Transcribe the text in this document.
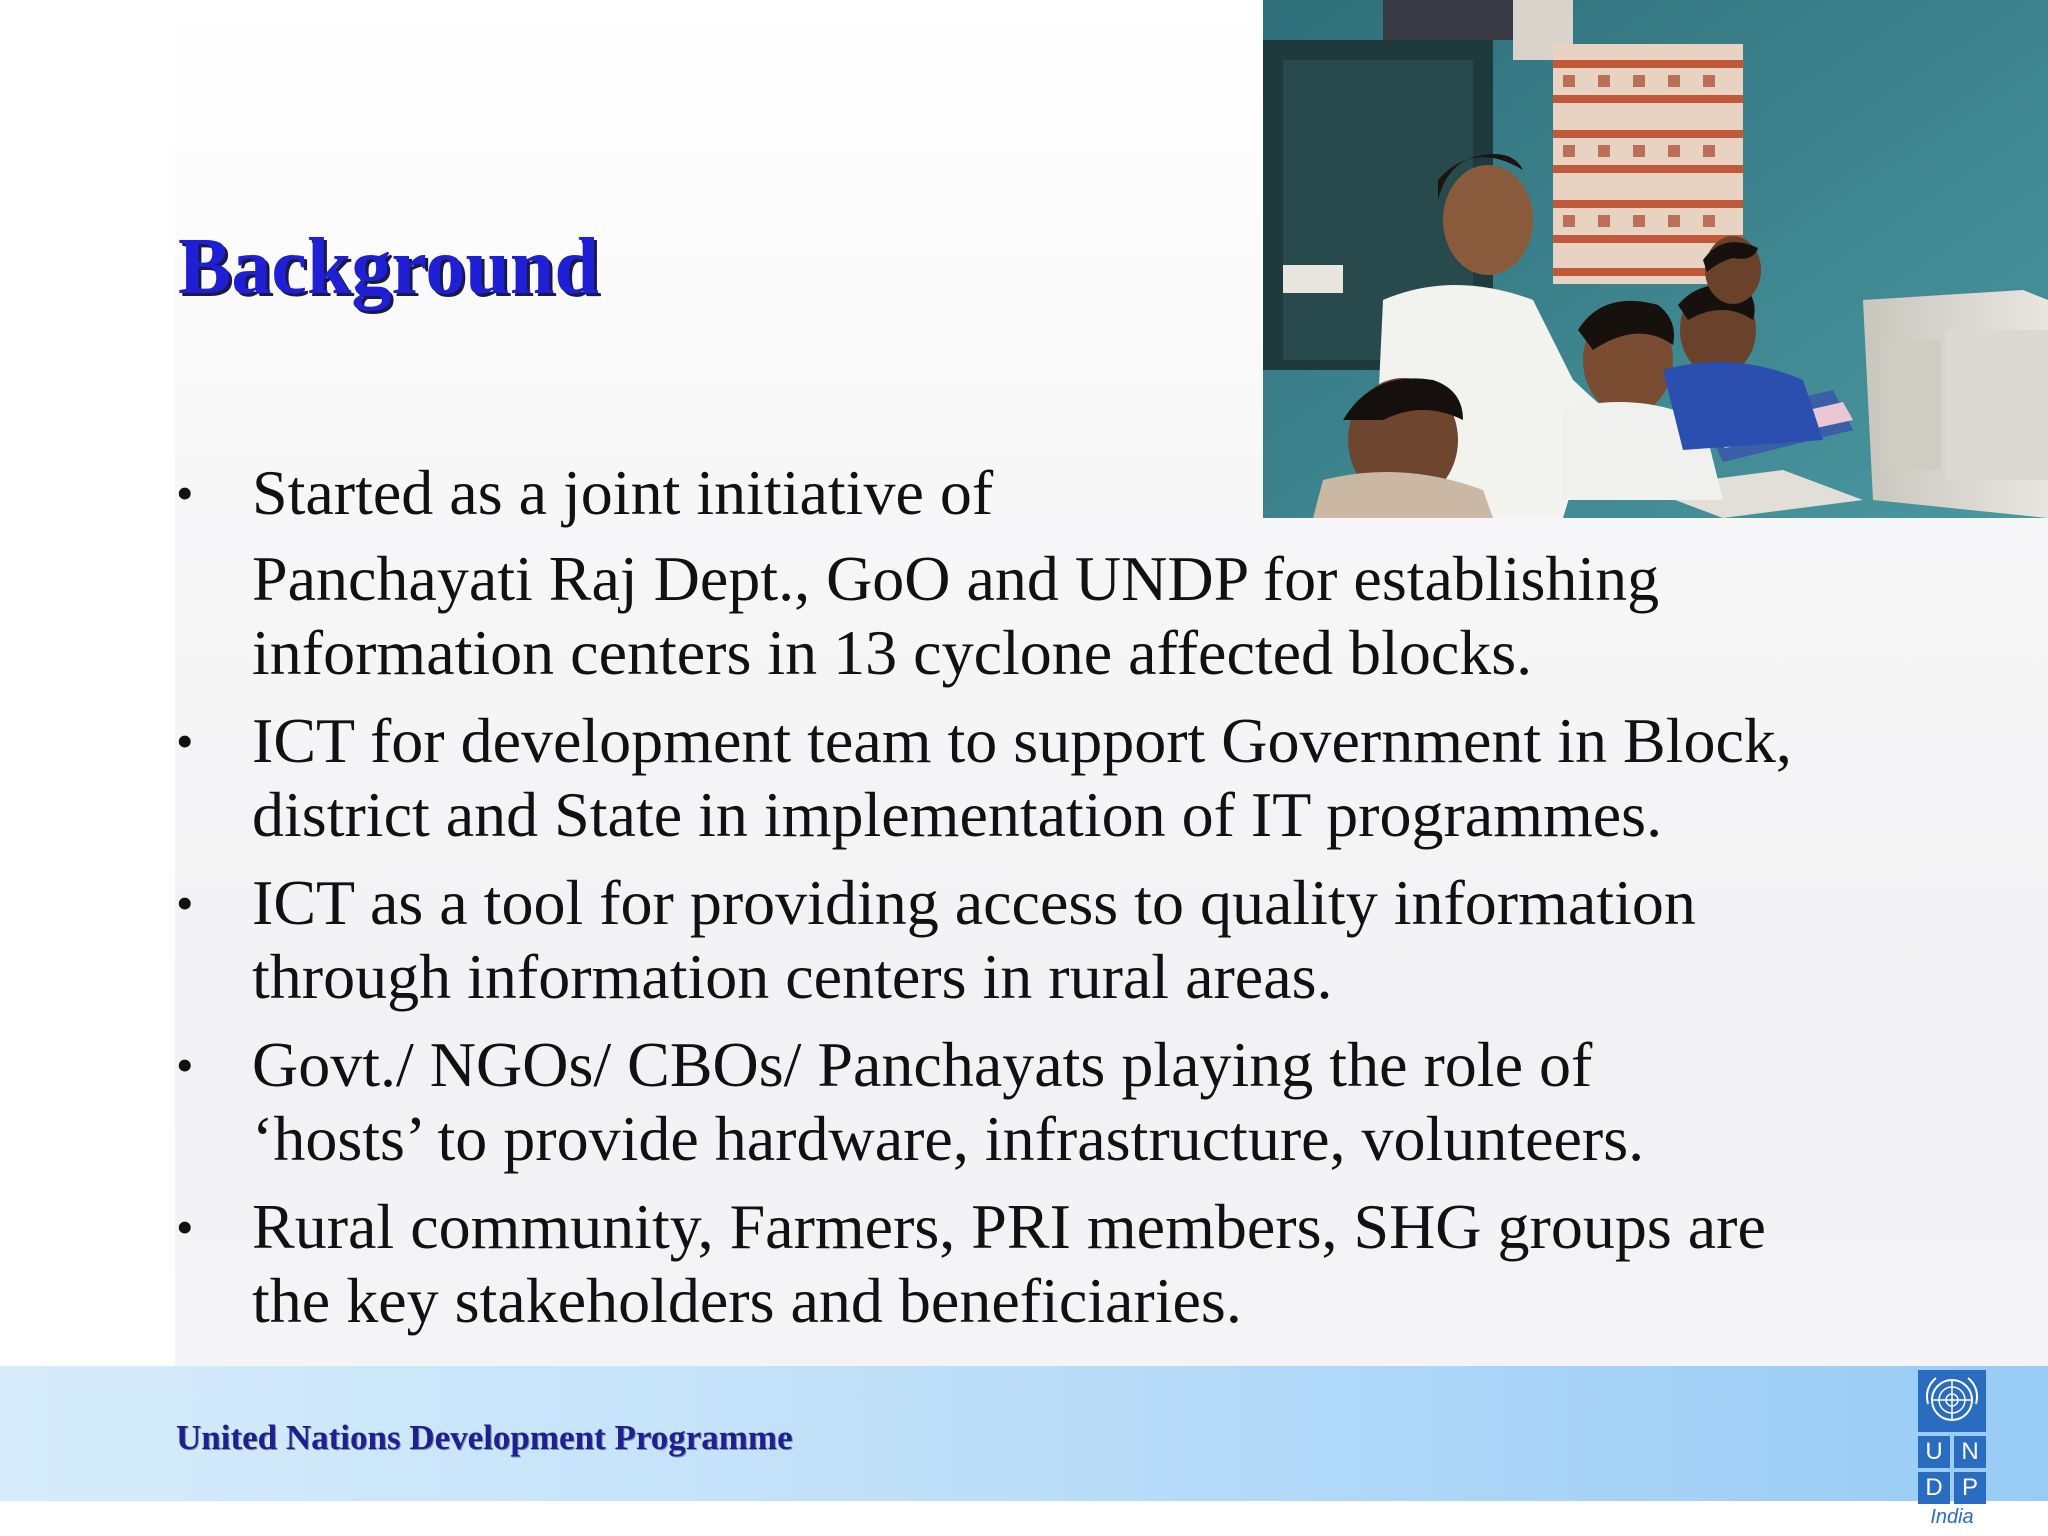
Background
• Started as a joint initiative of
Panchayati Raj Dept., GoO and UNDP for establishing
information centers in 13 cyclone affected blocks.
• ICT for development team to support Government in Block,
district and State in implementation of IT programmes.
• ICT as a tool for providing access to quality information
through information centers in rural areas.
• Govt./ NGOs/ CBOs/ Panchayats playing the role of
‘hosts’ to provide hardware, infrastructure, volunteers.
• Rural community, Farmers, PRI members, SHG groups are
the key stakeholders and beneficiaries.
United Nations Development Programme	U N
D P
India
